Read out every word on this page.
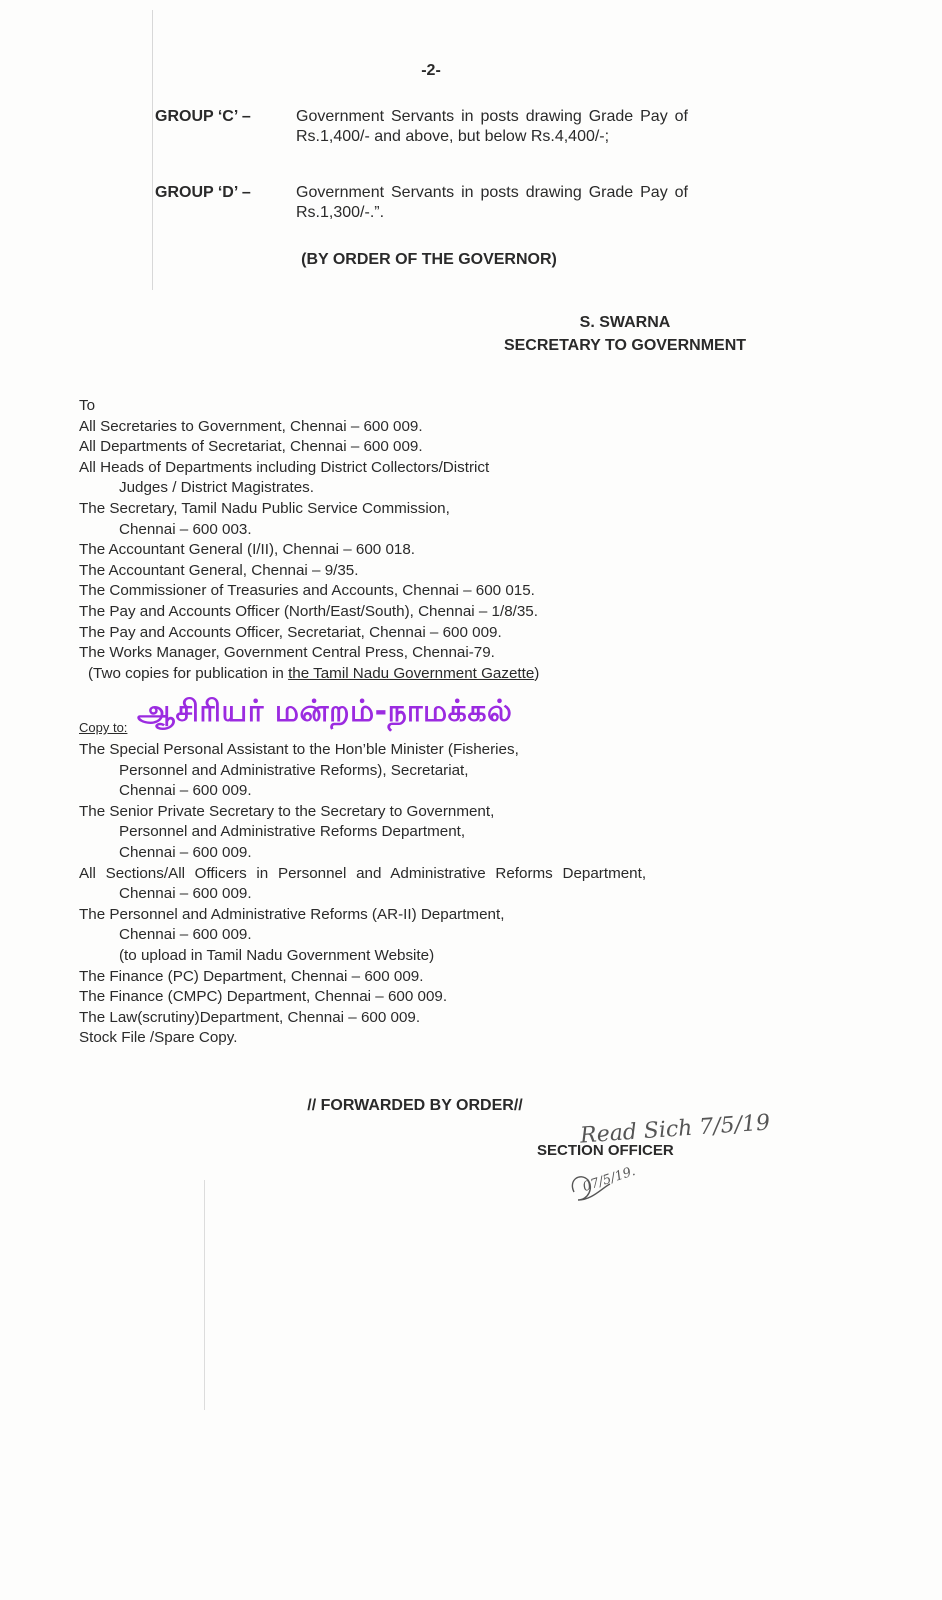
-2-
GROUP ‘C’ –	Government Servants in posts drawing Grade Pay of Rs.1,400/- and above, but below Rs.4,400/-;
GROUP ‘D’ –	Government Servants in posts drawing Grade Pay of Rs.1,300/-.”.
(BY ORDER OF THE GOVERNOR)
S. SWARNA
SECRETARY TO GOVERNMENT
To
All Secretaries to Government, Chennai – 600 009.
All Departments of Secretariat, Chennai – 600 009.
All Heads of Departments including District Collectors/District
Judges / District Magistrates.
The Secretary, Tamil Nadu Public Service Commission,
Chennai – 600 003.
The Accountant General (I/II), Chennai – 600 018.
The Accountant General, Chennai – 9/35.
The Commissioner of Treasuries and Accounts, Chennai – 600 015.
The Pay and Accounts Officer (North/East/South), Chennai – 1/8/35.
The Pay and Accounts Officer, Secretariat, Chennai – 600 009.
The Works Manager, Government Central Press, Chennai-79.
(Two copies for publication in the Tamil Nadu Government Gazette)
Copy to: ஆசிரியர் மன்றம்-நாமக்கல்
The Special Personal Assistant to the Hon’ble Minister (Fisheries,
Personnel and Administrative Reforms), Secretariat,
Chennai – 600 009.
The Senior Private Secretary to the Secretary to Government,
Personnel and Administrative Reforms Department,
Chennai – 600 009.
All Sections/All Officers in Personnel and Administrative Reforms Department,
Chennai – 600 009.
The Personnel and Administrative Reforms (AR-II) Department,
Chennai – 600 009.
(to upload in Tamil Nadu Government Website)
The Finance (PC) Department, Chennai – 600 009.
The Finance (CMPC) Department, Chennai – 600 009.
The Law(scrutiny)Department, Chennai – 600 009.
Stock File /Spare Copy.
// FORWARDED BY ORDER//
Read Sich 7/5/19
SECTION OFFICER
07/5/19.
